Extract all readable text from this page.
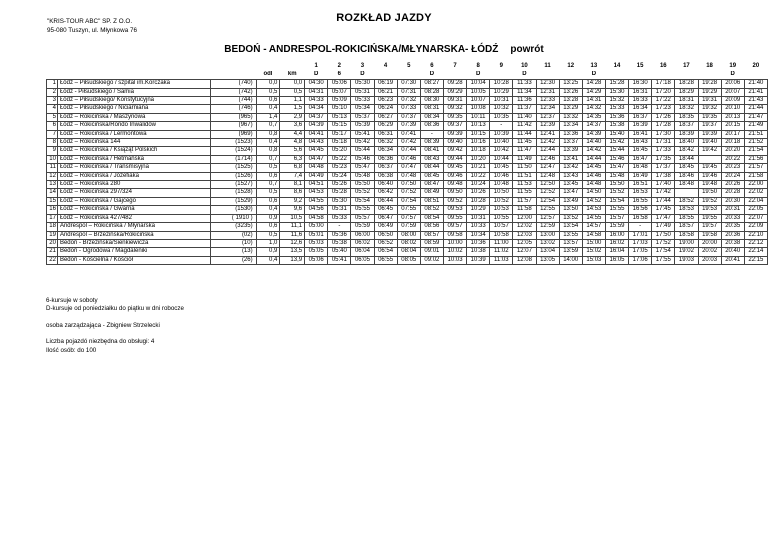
"KRIS-TOUR ABC" SP. Z O.O.
95-080 Tuszyn, ul. Młynkowa 76
ROZKŁAD JAZDY
BEDOŃ - ANDRESPOL-ROKICIŃSKA/MŁYNARSKA- ŁÓDŹ powrót
					1	2	3	4	5	6	7	8	9	10	11	12	13	14	15	16	17	18	19	20
			odl	km	D	6	D			D		D		D			D						D	
1	Łódź – Piłsudskiego / szpital im.Korczaka	(740)	0,0	0,0	04:30	05:06	05:30	06:19	07:30	08:27	09:28	10:04	10:28	11:33	12:30	13:25	14:28	15:28	16:30	17:18	18:28	19:28	20:06	21:40
2	Łódź - Piłsudskiego / Samia	(742)	0,5	0,5	04:31	05:07	05:31	06:21	07:31	08:28	09:29	10:05	10:29	11:34	12:31	13:26	14:29	15:30	16:31	17:20	18:29	19:29	20:07	21:41
3	Łódź – Piłsudskiego/ Konstytucyjna	(744)	0,6	1,1	04:33	05:09	05:33	06:23	07:32	08:30	09:31	10:07	10:31	11:36	12:33	13:28	14:31	15:32	16:33	17:22	18:31	19:31	20:09	21:43
4	Łódź – Piłsudskiego / Niciarniana	(746)	0,4	1,5	04:34	05:10	05:34	06:24	07:33	08:31	09:32	10:08	10:32	11:37	12:34	13:29	14:32	15:33	16:34	17:23	18:32	19:32	20:10	21:44
5	Łódź – Rokicińska / Maszynowa	(965)	1,4	2,9	04:37	05:13	05:37	06:27	07:37	08:34	09:35	10:11	10:35	11:40	12:37	13:32	14:35	15:36	16:37	17:26	18:35	19:35	20:13	21:47
6	Łódź – Rokicińska/Rondo Inwalidów	(967)	0,7	3,6	04:39	05:15	05:39	06:29	07:39	08:36	09:37	10:13	-	11:42	12:39	13:34	14:37	15:38	16:39	17:28	18:37	19:37	20:15	21:49
7	Łódź – Rokicińska / Lermontowa	(969)	0,8	4,4	04:41	05:17	05:41	06:31	07:41	-	09:39	10:15	10:39	11:44	12:41	13:36	14:39	15:40	16:41	17:30	18:39	19:39	20:17	21:51
8	Łódź – Rokicińska 144	(1523)	0,4	4,8	04:43	05:18	05:42	06:32	07:42	08:39	09:40	10:16	10:40	11:45	12:42	13:37	14:40	15:42	16:43	17:31	18:40	19:40	20:18	21:52
9	Łódź – Rokicińska / Książąt Polskich	(1524)	0,8	5,6	04:45	05:20	05:44	06:34	07:44	08:41	09:42	10:18	10:42	11:47	12:44	13:39	14:42	15:44	16:45	17:33	18:42	19:42	20:20	21:54
10	Łódź – Rokicińska / Hetmańska	(1714)	0,7	6,3	04:47	05:22	05:46	06:36	07:46	08:43	09:44	10:20	10:44	11:49	12:46	13:41	14:44	15:46	16:47	17:35	18:44		20:22	21:56
11	Łódź – Rokicińska / Transmisyjna	(1525)	0,5	6,8	04:48	05:23	05:47	06:37	07:47	08:44	09:45	10:21	10:45	11:50	12:47	13:42	14:45	15:47	16:48	17:37	18:45	19:45	20:23	21:57
12	Łódź – Rokicińska / Józefiaka	(1526)	0,6	7,4	04:49	05:24	05:48	06:38	07:48	08:45	09:46	10:22	10:46	11:51	12:48	13:43	14:46	15:48	16:49	17:38	18:46	19:46	20:24	21:58
13	Łódź – Rokicińska 280	(1527)	0,7	8,1	04:51	05:26	05:50	06:40	07:50	08:47	09:48	10:24	10:48	11:53	12:50	13:45	14:48	15:50	16:51	17:40	18:48	19:48	20:26	22:00
14	Łódź – Rokicińska 297/324	(1528)	0,5	8,6	04:53	05:28	05:52	06:42	07:52	08:49	09:50	10:26	10:50	11:55	12:52	13:47	14:50	15:52	16:53	17:42		19:50	20:28	22:02
15	Łódź – Rokicińska / Gajcego	(1529)	0,6	9,2	04:55	05:30	05:54	06:44	07:54	08:51	09:52	10:28	10:52	11:57	12:54	13:49	14:52	15:54	16:55	17:44	18:52	19:52	20:30	22:04
16	Łódź – Rokicińska / Gwarna	(1530)	0,4	9,6	04:56	05:31	05:55	06:45	07:55	08:52	09:53	10:29	10:53	11:58	12:55	13:50	14:53	15:55	16:56	17:45	18:53	19:53	20:31	22:05
17	Łódź – Rokicińska 427/482	( 1910 )	0,9	10,5	04:58	05:33	05:57	06:47	07:57	08:54	09:55	10:31	10:55	12:00	12:57	13:52	14:55	15:57	16:58	17:47	18:55	19:55	20:33	22:07
18	Andrespol – Rokicińska / Młynarska	(3235)	0,6	11,1	05:00	-	05:59	06:49	07:59	08:56	09:57	10:33	10:57	12:02	12:59	13:54	14:57	15:59	-	17:49	18:57	19:57	20:35	22:09
19	Andrespol – Brzezińska/Rokicińska	(02)	0,5	11,6	05:01	05:36	06:00	06:50	08:00	08:57	09:58	10:34	10:58	12:03	13:00	13:55	14:58	16:00	17:01	17:50	18:58	19:58	20:36	22:10
20	Bedoń - Brzezińska/Sienkiewicza	(10)	1,0	12,6	05:03	05:38	06:02	06:52	08:02	08:59	10:00	10:36	11:00	12:05	13:02	13:57	15:00	16:02	17:03	17:52	19:00	20:00	20:38	22:12
21	Bedoń - Ogrodowa / Magdaleniki	(13)	0,9	13,5	05:05	05:40	06:04	06:54	08:04	09:01	10:02	10:38	11:02	12:07	13:04	13:59	15:02	16:04	17:05	17:54	19:02	20:02	20:40	22:14
22	Bedoń - Kościelna / Kościół	(26)	0,4	13,9	05:06	05:41	06:05	06:55	08:05	09:02	10:03	10:39	11:03	12:08	13:05	14:00	15:03	16:05	17:06	17:55	19:03	20:03	20:41	22:15
6-kursuje w soboty
D-kursuje od poniedziałku do piątku w dni robocze
osoba zarządzająca - Zbigniew Strzelecki
Liczba pojazdó niezbędna do obsługi: 4
Ilość osób: do 100
